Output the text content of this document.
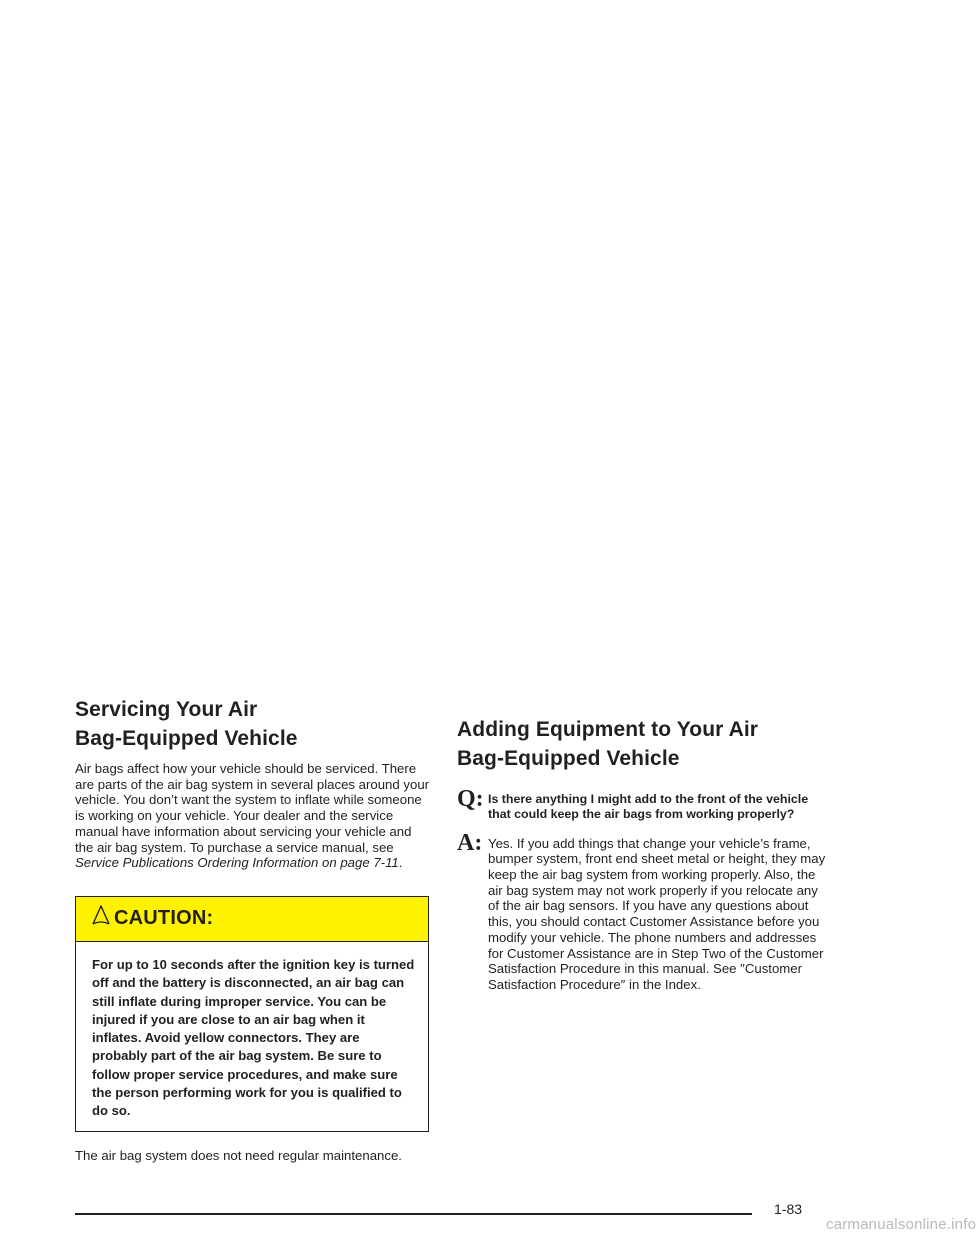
Servicing Your Air
Bag-Equipped Vehicle

Air bags affect how your vehicle should be serviced. There are parts of the air bag system in several places around your vehicle. You don’t want the system to inflate while someone is working on your vehicle. Your dealer and the service manual have information about servicing your vehicle and the air bag system. To purchase a service manual, see Service Publications Ordering Information on page 7-11.

CAUTION:
For up to 10 seconds after the ignition key is turned off and the battery is disconnected, an air bag can still inflate during improper service. You can be injured if you are close to an air bag when it inflates. Avoid yellow connectors. They are probably part of the air bag system. Be sure to follow proper service procedures, and make sure the person performing work for you is qualified to do so.

The air bag system does not need regular maintenance.

Adding Equipment to Your Air
Bag-Equipped Vehicle
Q: Is there anything I might add to the front of the vehicle that could keep the air bags from working properly?
A: Yes. If you add things that change your vehicle’s frame, bumper system, front end sheet metal or height, they may keep the air bag system from working properly. Also, the air bag system may not work properly if you relocate any of the air bag sensors. If you have any questions about this, you should contact Customer Assistance before you modify your vehicle. The phone numbers and addresses for Customer Assistance are in Step Two of the Customer Satisfaction Procedure in this manual. See ″Customer Satisfaction Procedure″ in the Index.
1-83
carmanualsonline.info
